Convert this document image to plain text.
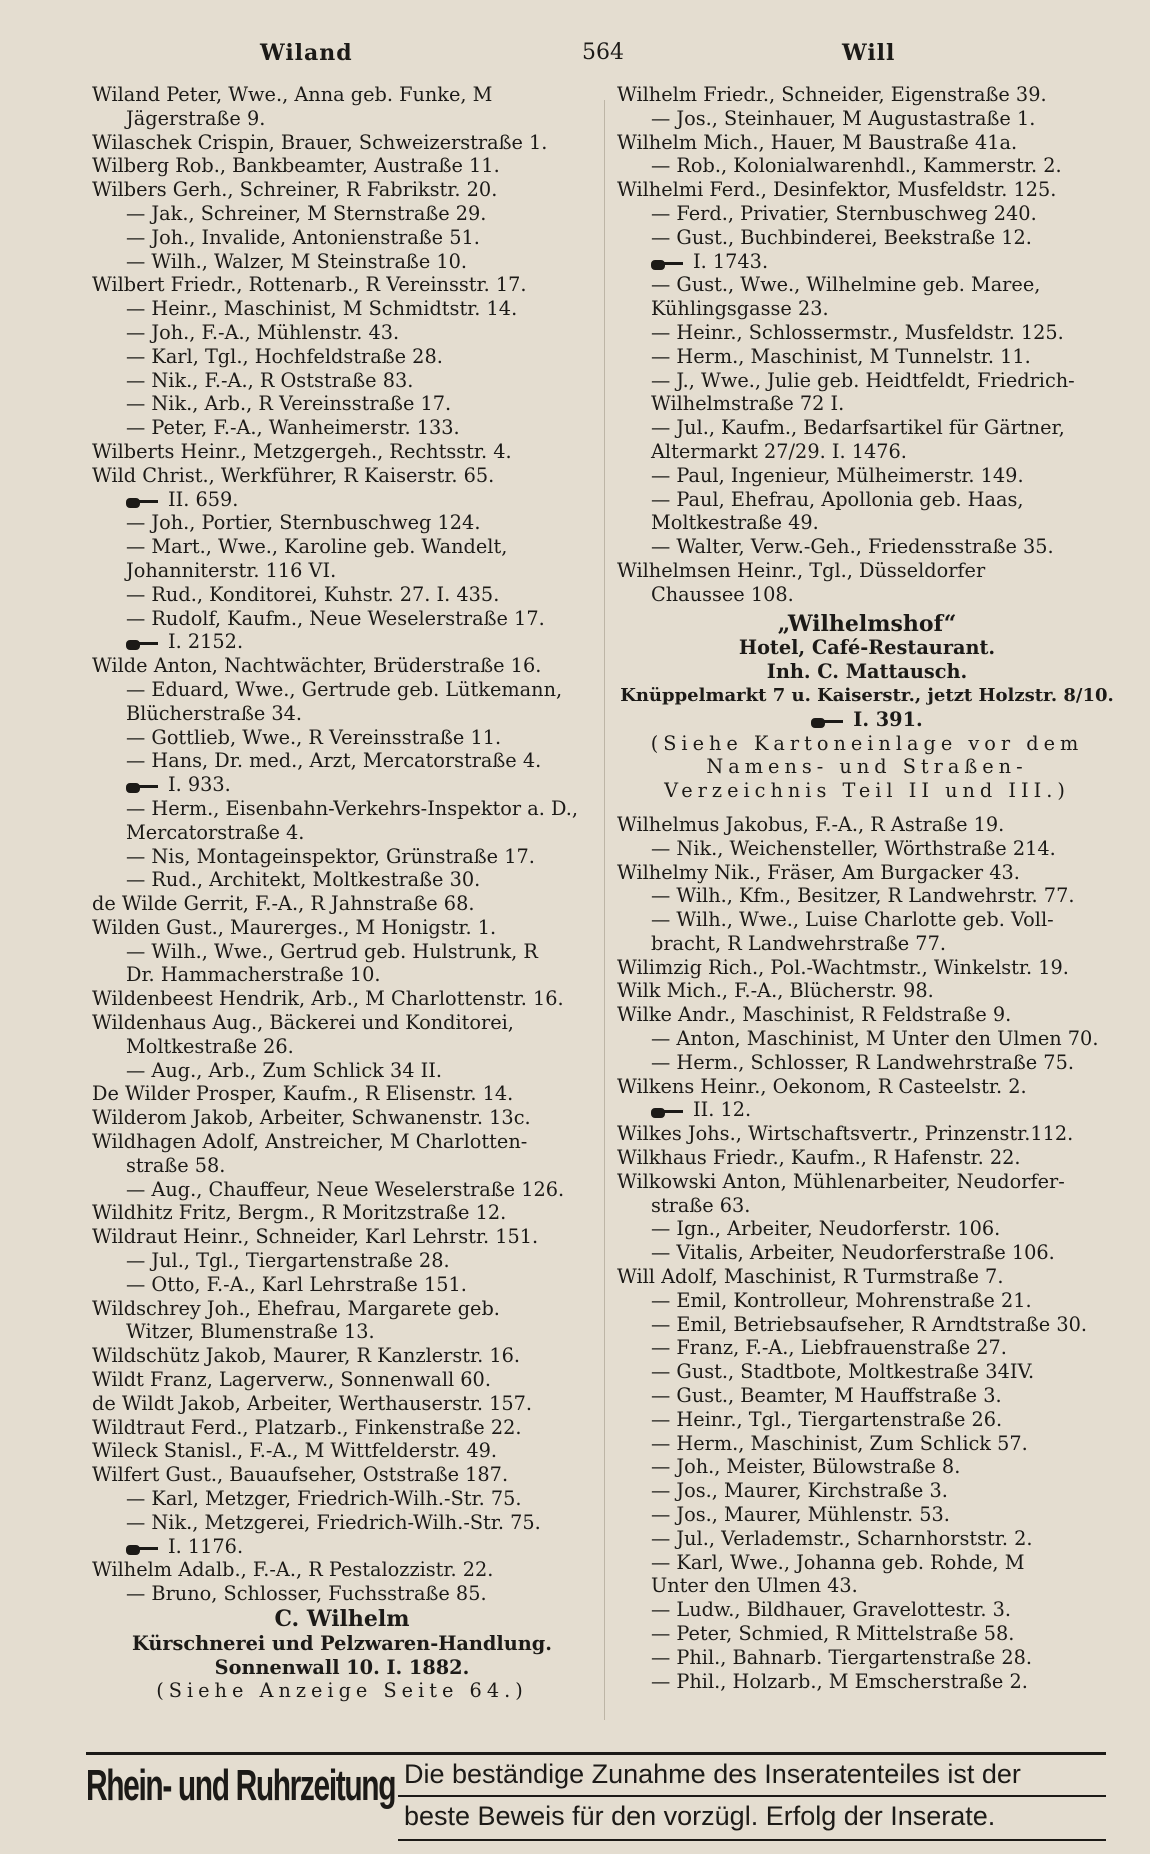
Wiland	564	Will
Wiland Peter, Wwe., Anna geb. Funke, M
Jägerstraße 9.
Wilaschek Crispin, Brauer, Schweizerstraße 1.
Wilberg Rob., Bankbeamter, Austraße 11.
Wilbers Gerh., Schreiner, R Fabrikstr. 20.
— Jak., Schreiner, M Sternstraße 29.
— Joh., Invalide, Antonienstraße 51.
— Wilh., Walzer, M Steinstraße 10.
Wilbert Friedr., Rottenarb., R Vereinsstr. 17.
— Heinr., Maschinist, M Schmidtstr. 14.
— Joh., F.-A., Mühlenstr. 43.
— Karl, Tgl., Hochfeldstraße 28.
— Nik., F.-A., R Oststraße 83.
— Nik., Arb., R Vereinsstraße 17.
— Peter, F.-A., Wanheimerstr. 133.
Wilberts Heinr., Metzgergeh., Rechtsstr. 4.
Wild Christ., Werkführer, R Kaiserstr. 65.
II. 659.
— Joh., Portier, Sternbuschweg 124.
— Mart., Wwe., Karoline geb. Wandelt,
Johanniterstr. 116 VI.
— Rud., Konditorei, Kuhstr. 27. I. 435.
— Rudolf, Kaufm., Neue Weselerstraße 17.
I. 2152.
Wilde Anton, Nachtwächter, Brüderstraße 16.
— Eduard, Wwe., Gertrude geb. Lütkemann,
Blücherstraße 34.
— Gottlieb, Wwe., R Vereinsstraße 11.
— Hans, Dr. med., Arzt, Mercatorstraße 4.
I. 933.
— Herm., Eisenbahn-Verkehrs-Inspektor a. D.,
Mercatorstraße 4.
— Nis, Montageinspektor, Grünstraße 17.
— Rud., Architekt, Moltkestraße 30.
de Wilde Gerrit, F.-A., R Jahnstraße 68.
Wilden Gust., Maurerges., M Honigstr. 1.
— Wilh., Wwe., Gertrud geb. Hulstrunk, R
Dr. Hammacherstraße 10.
Wildenbeest Hendrik, Arb., M Charlottenstr. 16.
Wildenhaus Aug., Bäckerei und Konditorei,
Moltkestraße 26.
— Aug., Arb., Zum Schlick 34 II.
De Wilder Prosper, Kaufm., R Elisenstr. 14.
Wilderom Jakob, Arbeiter, Schwanenstr. 13c.
Wildhagen Adolf, Anstreicher, M Charlotten-
straße 58.
— Aug., Chauffeur, Neue Weselerstraße 126.
Wildhitz Fritz, Bergm., R Moritzstraße 12.
Wildraut Heinr., Schneider, Karl Lehrstr. 151.
— Jul., Tgl., Tiergartenstraße 28.
— Otto, F.-A., Karl Lehrstraße 151.
Wildschrey Joh., Ehefrau, Margarete geb.
Witzer, Blumenstraße 13.
Wildschütz Jakob, Maurer, R Kanzlerstr. 16.
Wildt Franz, Lagerverw., Sonnenwall 60.
de Wildt Jakob, Arbeiter, Werthauserstr. 157.
Wildtraut Ferd., Platzarb., Finkenstraße 22.
Wileck Stanisl., F.-A., M Wittfelderstr. 49.
Wilfert Gust., Bauaufseher, Oststraße 187.
— Karl, Metzger, Friedrich-Wilh.-Str. 75.
— Nik., Metzgerei, Friedrich-Wilh.-Str. 75.
I. 1176.
Wilhelm Adalb., F.-A., R Pestalozzistr. 22.
— Bruno, Schlosser, Fuchsstraße 85.
C. Wilhelm
Kürschnerei und Pelzwaren-Handlung.
Sonnenwall 10. I. 1882.
(Siehe Anzeige Seite 64.)
Wilhelm Friedr., Schneider, Eigenstraße 39.
— Jos., Steinhauer, M Augustastraße 1.
Wilhelm Mich., Hauer, M Baustraße 41a.
— Rob., Kolonialwarenhdl., Kammerstr. 2.
Wilhelmi Ferd., Desinfektor, Musfeldstr. 125.
— Ferd., Privatier, Sternbuschweg 240.
— Gust., Buchbinderei, Beekstraße 12.
I. 1743.
— Gust., Wwe., Wilhelmine geb. Maree,
Kühlingsgasse 23.
— Heinr., Schlossermstr., Musfeldstr. 125.
— Herm., Maschinist, M Tunnelstr. 11.
— J., Wwe., Julie geb. Heidtfeldt, Friedrich-
Wilhelmstraße 72 I.
— Jul., Kaufm., Bedarfsartikel für Gärtner,
Altermarkt 27/29. I. 1476.
— Paul, Ingenieur, Mülheimerstr. 149.
— Paul, Ehefrau, Apollonia geb. Haas,
Moltkestraße 49.
— Walter, Verw.-Geh., Friedensstraße 35.
Wilhelmsen Heinr., Tgl., Düsseldorfer
Chaussee 108.
„Wilhelmshof“
Hotel, Café-Restaurant.
Inh. C. Mattausch.
Knüppelmarkt 7 u. Kaiserstr., jetzt Holzstr. 8/10.
I. 391.
(Siehe Kartoneinlage vor dem
Namens- und Straßen-
Verzeichnis Teil II und III.)
Wilhelmus Jakobus, F.-A., R Astraße 19.
— Nik., Weichensteller, Wörthstraße 214.
Wilhelmy Nik., Fräser, Am Burgacker 43.
— Wilh., Kfm., Besitzer, R Landwehrstr. 77.
— Wilh., Wwe., Luise Charlotte geb. Voll-
bracht, R Landwehrstraße 77.
Wilimzig Rich., Pol.-Wachtmstr., Winkelstr. 19.
Wilk Mich., F.-A., Blücherstr. 98.
Wilke Andr., Maschinist, R Feldstraße 9.
— Anton, Maschinist, M Unter den Ulmen 70.
— Herm., Schlosser, R Landwehrstraße 75.
Wilkens Heinr., Oekonom, R Casteelstr. 2.
II. 12.
Wilkes Johs., Wirtschaftsvertr., Prinzenstr.112.
Wilkhaus Friedr., Kaufm., R Hafenstr. 22.
Wilkowski Anton, Mühlenarbeiter, Neudorfer-
straße 63.
— Ign., Arbeiter, Neudorferstr. 106.
— Vitalis, Arbeiter, Neudorferstraße 106.
Will Adolf, Maschinist, R Turmstraße 7.
— Emil, Kontrolleur, Mohrenstraße 21.
— Emil, Betriebsaufseher, R Arndtstraße 30.
— Franz, F.-A., Liebfrauenstraße 27.
— Gust., Stadtbote, Moltkestraße 34IV.
— Gust., Beamter, M Hauffstraße 3.
— Heinr., Tgl., Tiergartenstraße 26.
— Herm., Maschinist, Zum Schlick 57.
— Joh., Meister, Bülowstraße 8.
— Jos., Maurer, Kirchstraße 3.
— Jos., Maurer, Mühlenstr. 53.
— Jul., Verlademstr., Scharnhorststr. 2.
— Karl, Wwe., Johanna geb. Rohde, M
Unter den Ulmen 43.
— Ludw., Bildhauer, Gravelottestr. 3.
— Peter, Schmied, R Mittelstraße 58.
— Phil., Bahnarb. Tiergartenstraße 28.
— Phil., Holzarb., M Emscherstraße 2.
Rhein- und Ruhrzeitung Die beständige Zunahme des Inseratenteiles ist der
beste Beweis für den vorzügl. Erfolg der Inserate.
